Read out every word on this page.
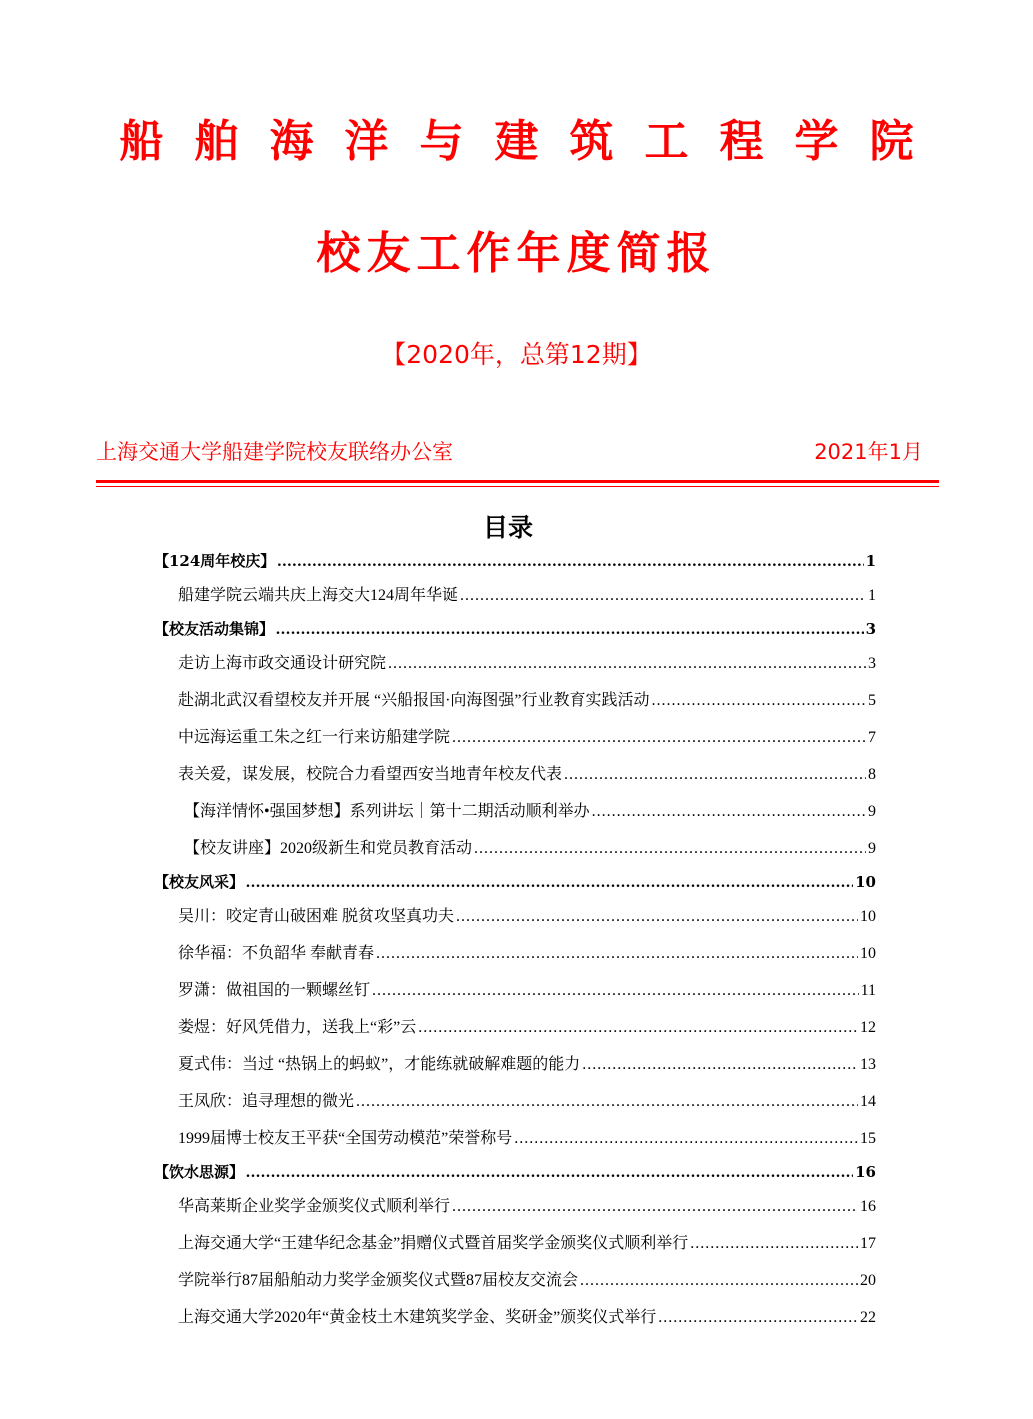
船舶海洋与建筑工程学院
校友工作年度简报
【2020年，总第12期】
上海交通大学船建学院校友联络办公室	2021年1月
目录
【124周年校庆】 .....	1
船建学院云端共庆上海交大124周年华诞 .....	1
【校友活动集锦】 .....	3
走访上海市政交通设计研究院 .....	3
赴湖北武汉看望校友并开展 “兴船报国·向海图强”行业教育实践活动 .....	5
中远海运重工朱之红一行来访船建学院 .....	7
表关爱，谋发展，校院合力看望西安当地青年校友代表 .....	8
【海洋情怀•强国梦想】系列讲坛｜第十二期活动顺利举办 .....	9
【校友讲座】2020级新生和党员教育活动 .....	9
【校友风采】 .....	10
吴川：咬定青山破困难 脱贫攻坚真功夫 .....	10
徐华福：不负韶华 奉献青春 .....	10
罗潇：做祖国的一颗螺丝钉 .....	11
娄煜：好风凭借力，送我上“彩”云 .....	12
夏式伟：当过 “热锅上的蚂蚁”，才能练就破解难题的能力 .....	13
王凤欣：追寻理想的微光 .....	14
1999届博士校友王平获“全国劳动模范”荣誉称号 .....	15
【饮水思源】 .....	16
华高莱斯企业奖学金颁奖仪式顺利举行 .....	16
上海交通大学“王建华纪念基金”捐赠仪式暨首届奖学金颁奖仪式顺利举行 .....	17
学院举行87届船舶动力奖学金颁奖仪式暨87届校友交流会 .....	20
上海交通大学2020年“黄金枝土木建筑奖学金、奖研金”颁奖仪式举行 .....	22
